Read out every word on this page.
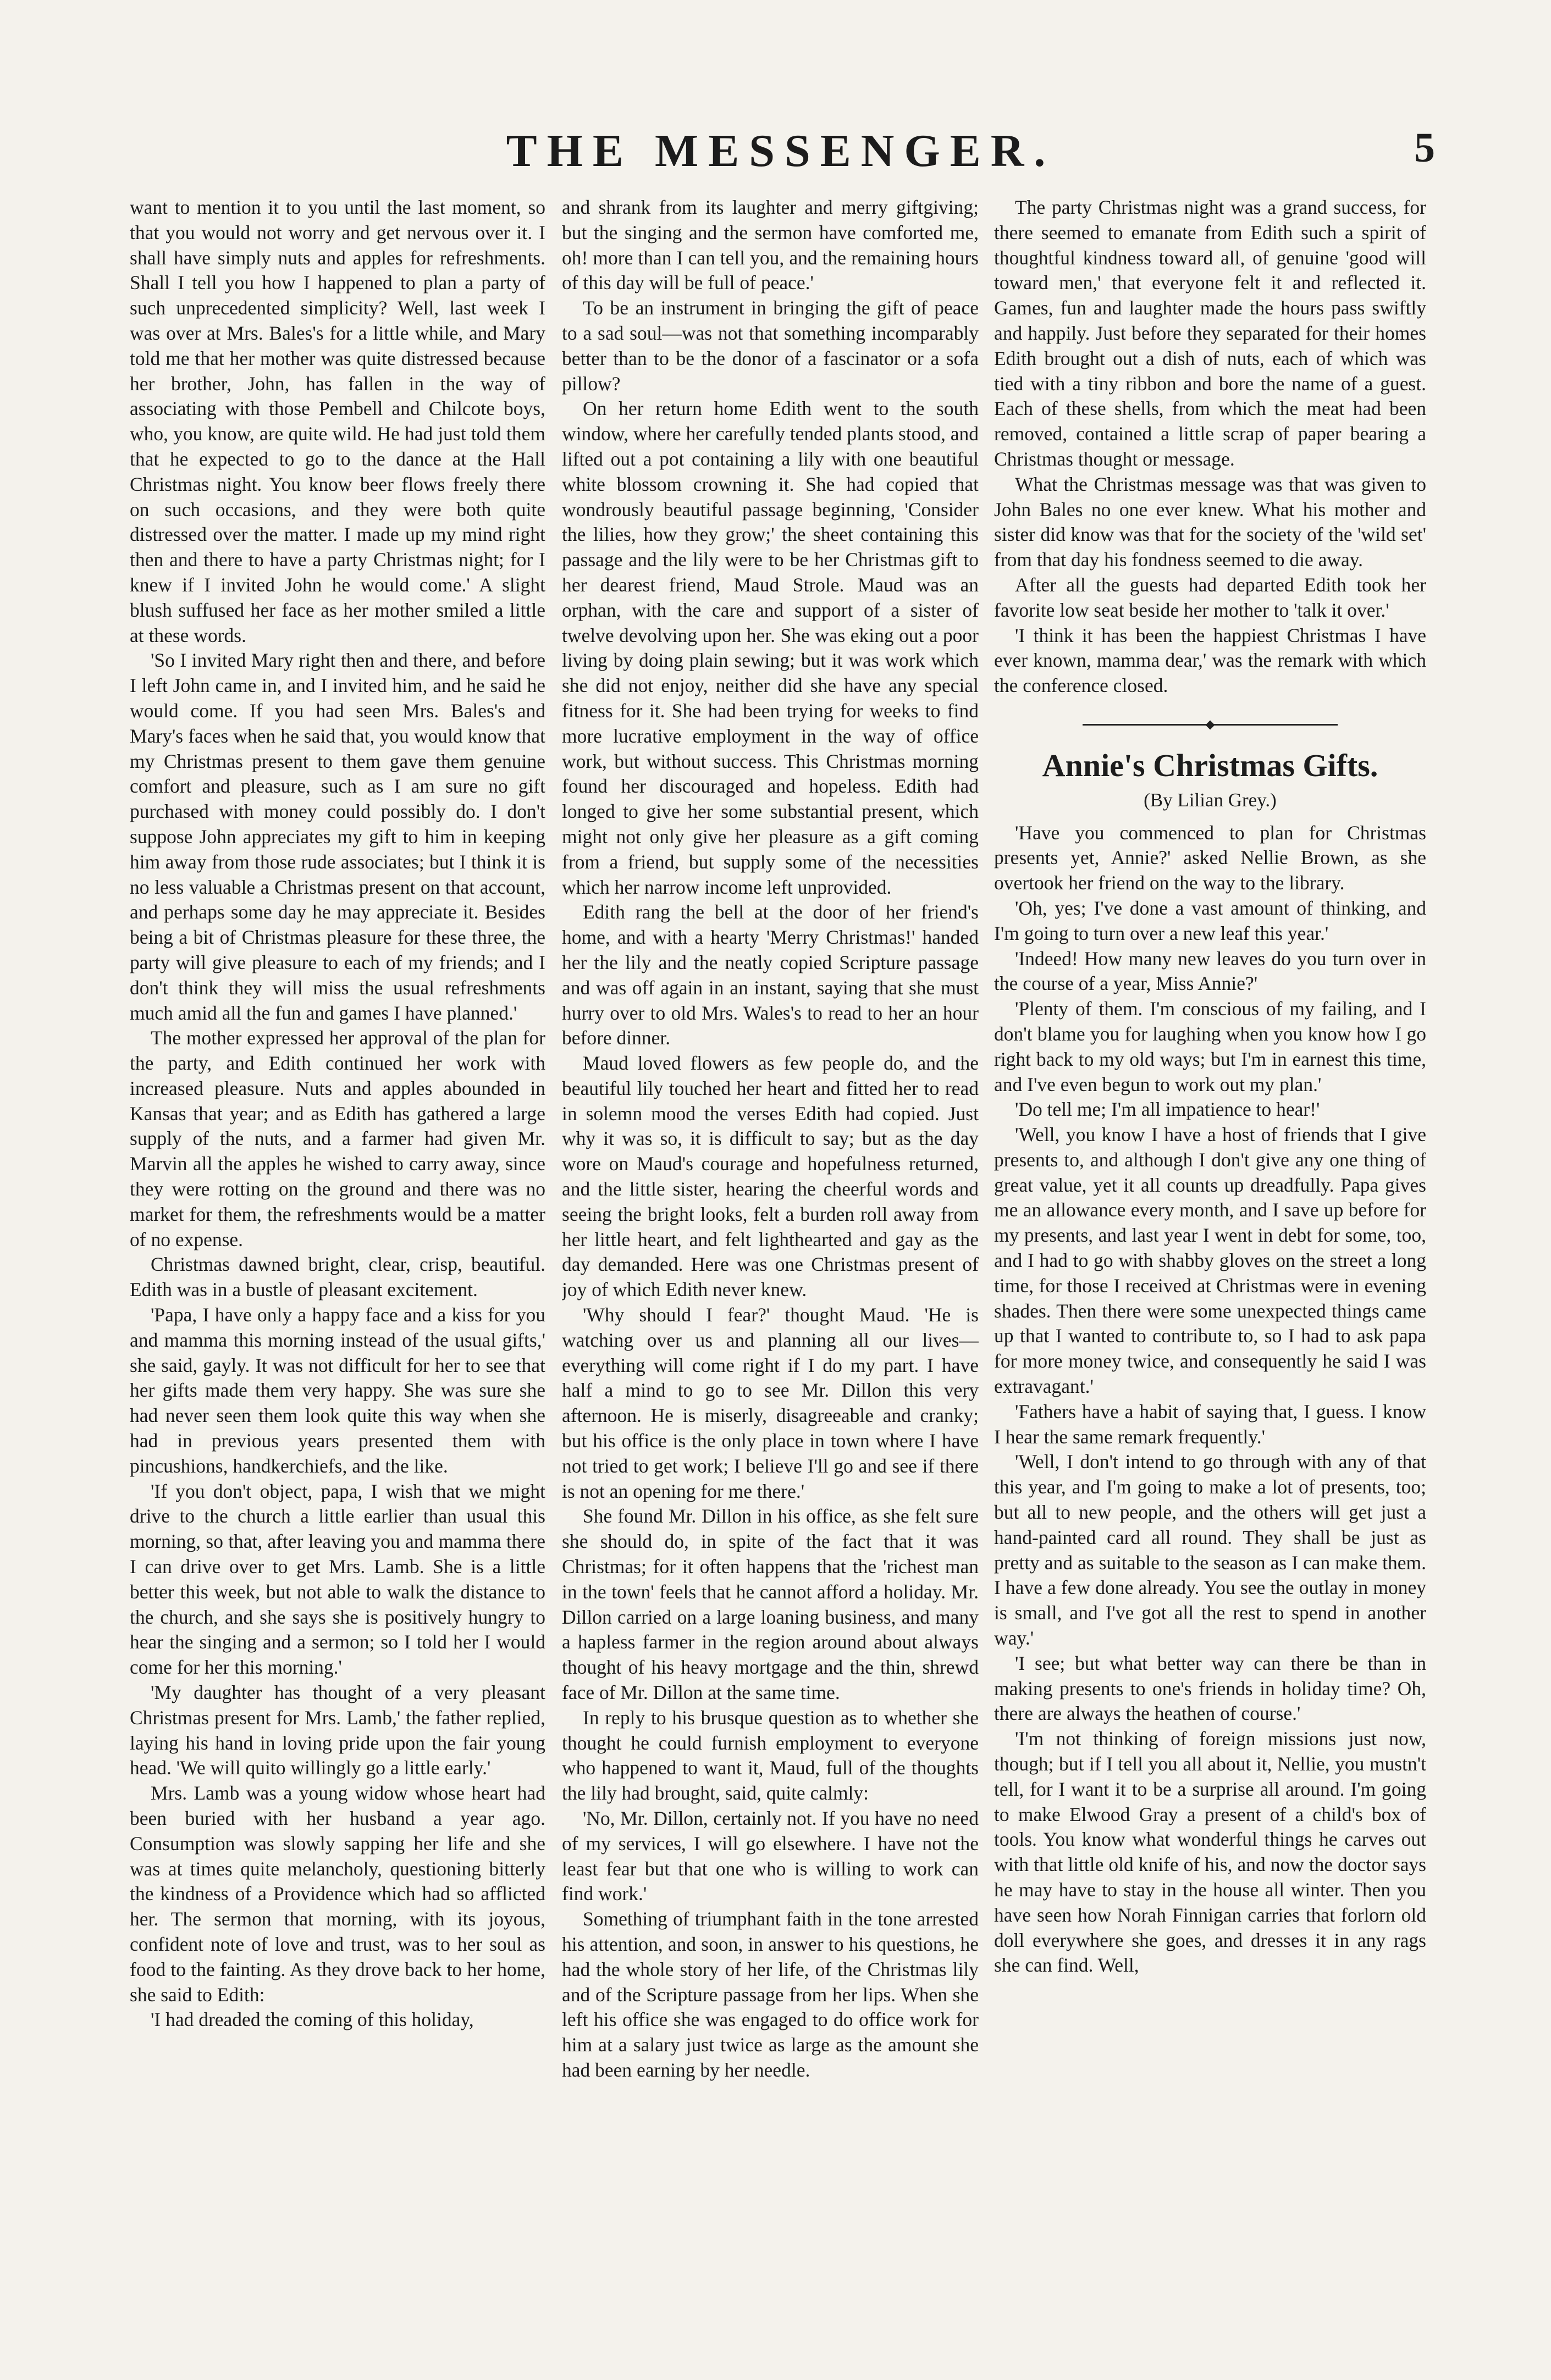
THE MESSENGER.	5

want to mention it to you until the last moment, so that you would not worry and get nervous over it. I shall have simply nuts and apples for refreshments. Shall I tell you how I happened to plan a party of such unprecedented simplicity? Well, last week I was over at Mrs. Bales's for a little while, and Mary told me that her mother was quite distressed because her brother, John, has fallen in the way of associating with those Pembell and Chilcote boys, who, you know, are quite wild. He had just told them that he expected to go to the dance at the Hall Christmas night. You know beer flows freely there on such occasions, and they were both quite distressed over the matter. I made up my mind right then and there to have a party Christmas night; for I knew if I invited John he would come.' A slight blush suffused her face as her mother smiled a little at these words.

'So I invited Mary right then and there, and before I left John came in, and I invited him, and he said he would come. If you had seen Mrs. Bales's and Mary's faces when he said that, you would know that my Christmas present to them gave them genuine comfort and pleasure, such as I am sure no gift purchased with money could possibly do. I don't suppose John appreciates my gift to him in keeping him away from those rude associates; but I think it is no less valuable a Christmas present on that account, and perhaps some day he may appreciate it. Besides being a bit of Christmas pleasure for these three, the party will give pleasure to each of my friends; and I don't think they will miss the usual refreshments much amid all the fun and games I have planned.'

The mother expressed her approval of the plan for the party, and Edith continued her work with increased pleasure. Nuts and apples abounded in Kansas that year; and as Edith has gathered a large supply of the nuts, and a farmer had given Mr. Marvin all the apples he wished to carry away, since they were rotting on the ground and there was no market for them, the refreshments would be a matter of no expense.

Christmas dawned bright, clear, crisp, beautiful. Edith was in a bustle of pleasant excitement.

'Papa, I have only a happy face and a kiss for you and mamma this morning instead of the usual gifts,' she said, gayly. It was not difficult for her to see that her gifts made them very happy. She was sure she had never seen them look quite this way when she had in previous years presented them with pincushions, handkerchiefs, and the like.

'If you don't object, papa, I wish that we might drive to the church a little earlier than usual this morning, so that, after leaving you and mamma there I can drive over to get Mrs. Lamb. She is a little better this week, but not able to walk the distance to the church, and she says she is positively hungry to hear the singing and a sermon; so I told her I would come for her this morning.'

'My daughter has thought of a very pleasant Christmas present for Mrs. Lamb,' the father replied, laying his hand in loving pride upon the fair young head. 'We will quito willingly go a little early.'

Mrs. Lamb was a young widow whose heart had been buried with her husband a year ago. Consumption was slowly sapping her life and she was at times quite melancholy, questioning bitterly the kindness of a Providence which had so afflicted her. The sermon that morning, with its joyous, confident note of love and trust, was to her soul as food to the fainting. As they drove back to her home, she said to Edith:

'I had dreaded the coming of this holiday,

and shrank from its laughter and merry giftgiving; but the singing and the sermon have comforted me, oh! more than I can tell you, and the remaining hours of this day will be full of peace.'

To be an instrument in bringing the gift of peace to a sad soul—was not that something incomparably better than to be the donor of a fascinator or a sofa pillow?

On her return home Edith went to the south window, where her carefully tended plants stood, and lifted out a pot containing a lily with one beautiful white blossom crowning it. She had copied that wondrously beautiful passage beginning, 'Consider the lilies, how they grow;' the sheet containing this passage and the lily were to be her Christmas gift to her dearest friend, Maud Strole. Maud was an orphan, with the care and support of a sister of twelve devolving upon her. She was eking out a poor living by doing plain sewing; but it was work which she did not enjoy, neither did she have any special fitness for it. She had been trying for weeks to find more lucrative employment in the way of office work, but without success. This Christmas morning found her discouraged and hopeless. Edith had longed to give her some substantial present, which might not only give her pleasure as a gift coming from a friend, but supply some of the necessities which her narrow income left unprovided.

Edith rang the bell at the door of her friend's home, and with a hearty 'Merry Christmas!' handed her the lily and the neatly copied Scripture passage and was off again in an instant, saying that she must hurry over to old Mrs. Wales's to read to her an hour before dinner.

Maud loved flowers as few people do, and the beautiful lily touched her heart and fitted her to read in solemn mood the verses Edith had copied. Just why it was so, it is difficult to say; but as the day wore on Maud's courage and hopefulness returned, and the little sister, hearing the cheerful words and seeing the bright looks, felt a burden roll away from her little heart, and felt lighthearted and gay as the day demanded. Here was one Christmas present of joy of which Edith never knew.

'Why should I fear?' thought Maud. 'He is watching over us and planning all our lives—everything will come right if I do my part. I have half a mind to go to see Mr. Dillon this very afternoon. He is miserly, disagreeable and cranky; but his office is the only place in town where I have not tried to get work; I believe I'll go and see if there is not an opening for me there.'

She found Mr. Dillon in his office, as she felt sure she should do, in spite of the fact that it was Christmas; for it often happens that the 'richest man in the town' feels that he cannot afford a holiday. Mr. Dillon carried on a large loaning business, and many a hapless farmer in the region around about always thought of his heavy mortgage and the thin, shrewd face of Mr. Dillon at the same time.

In reply to his brusque question as to whether she thought he could furnish employment to everyone who happened to want it, Maud, full of the thoughts the lily had brought, said, quite calmly:

'No, Mr. Dillon, certainly not. If you have no need of my services, I will go elsewhere. I have not the least fear but that one who is willing to work can find work.'

Something of triumphant faith in the tone arrested his attention, and soon, in answer to his questions, he had the whole story of her life, of the Christmas lily and of the Scripture passage from her lips. When she left his office she was engaged to do office work for him at a salary just twice as large as the amount she had been earning by her needle.

The party Christmas night was a grand success, for there seemed to emanate from Edith such a spirit of thoughtful kindness toward all, of genuine 'good will toward men,' that everyone felt it and reflected it. Games, fun and laughter made the hours pass swiftly and happily. Just before they separated for their homes Edith brought out a dish of nuts, each of which was tied with a tiny ribbon and bore the name of a guest. Each of these shells, from which the meat had been removed, contained a little scrap of paper bearing a Christmas thought or message.

What the Christmas message was that was given to John Bales no one ever knew. What his mother and sister did know was that for the society of the 'wild set' from that day his fondness seemed to die away.

After all the guests had departed Edith took her favorite low seat beside her mother to 'talk it over.'

'I think it has been the happiest Christmas I have ever known, mamma dear,' was the remark with which the conference closed.

Annie's Christmas Gifts.
(By Lilian Grey.)

'Have you commenced to plan for Christmas presents yet, Annie?' asked Nellie Brown, as she overtook her friend on the way to the library.

'Oh, yes; I've done a vast amount of thinking, and I'm going to turn over a new leaf this year.'

'Indeed! How many new leaves do you turn over in the course of a year, Miss Annie?'

'Plenty of them. I'm conscious of my failing, and I don't blame you for laughing when you know how I go right back to my old ways; but I'm in earnest this time, and I've even begun to work out my plan.'

'Do tell me; I'm all impatience to hear!'

'Well, you know I have a host of friends that I give presents to, and although I don't give any one thing of great value, yet it all counts up dreadfully. Papa gives me an allowance every month, and I save up before for my presents, and last year I went in debt for some, too, and I had to go with shabby gloves on the street a long time, for those I received at Christmas were in evening shades. Then there were some unexpected things came up that I wanted to contribute to, so I had to ask papa for more money twice, and consequently he said I was extravagant.'

'Fathers have a habit of saying that, I guess. I know I hear the same remark frequently.'

'Well, I don't intend to go through with any of that this year, and I'm going to make a lot of presents, too; but all to new people, and the others will get just a hand-painted card all round. They shall be just as pretty and as suitable to the season as I can make them. I have a few done already. You see the outlay in money is small, and I've got all the rest to spend in another way.'

'I see; but what better way can there be than in making presents to one's friends in holiday time? Oh, there are always the heathen of course.'

'I'm not thinking of foreign missions just now, though; but if I tell you all about it, Nellie, you mustn't tell, for I want it to be a surprise all around. I'm going to make Elwood Gray a present of a child's box of tools. You know what wonderful things he carves out with that little old knife of his, and now the doctor says he may have to stay in the house all winter. Then you have seen how Norah Finnigan carries that forlorn old doll everywhere she goes, and dresses it in any rags she can find. Well,
